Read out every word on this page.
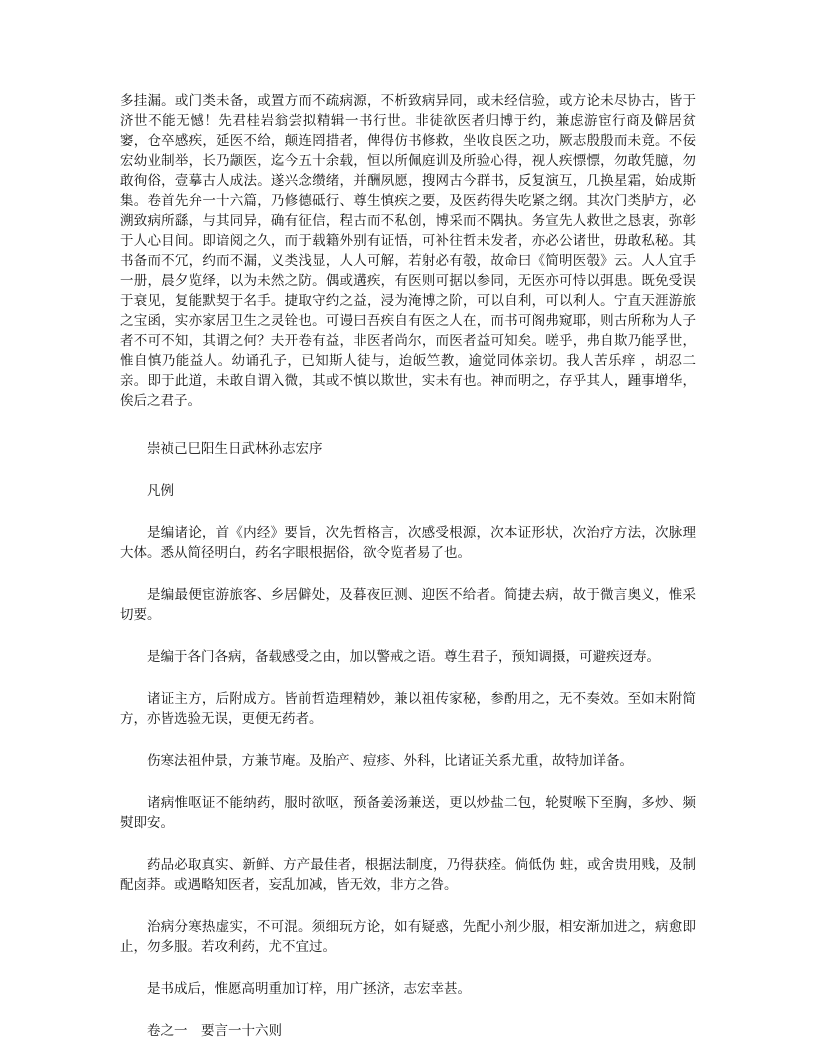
多挂漏。或门类未备，或置方而不疏病源，不析致病异同，或未经信验，或方论未尽协古，皆于济世不能无憾！先君桂岩翁尝拟精辑一书行世。非徒欲医者归博于约，兼虑游宦行商及僻居贫窭，仓卒感疾，延医不给，颠连罔措者，俾得仿书修救，坐收良医之功，厥志殷殷而未竟。不佞宏幼业制举，长乃颛医，迄今五十余载，恒以所佩庭训及所验心得，视人疾慓慓，勿敢凭臆，勿敢徇俗，壹摹古人成法。遂兴念缵绪，并酬夙愿，搜网古今群书，反复演互，几换星霜，始成斯集。卷首先弁一十六篇，乃修德砥行、尊生慎疾之要，及医药得失吃紧之纲。其次门类胪方，必溯致病所繇，与其同异，确有征信，程古而不私创，博采而不隅执。务宣先人救世之恳衷，弥彰于人心目间。即谙阅之久，而于载籍外别有证悟，可补往哲未发者，亦必公诸世，毋敢私秘。其书备而不冗，约而不漏，义类浅显，人人可解，若射必有彀，故命曰《简明医彀》云。人人宜手一册，晨夕览绎，以为未然之防。偶或遘疾，有医则可据以参同，无医亦可恃以弭患。既免受误于衰见，复能默契于名手。捷取守约之益，浸为淹博之阶，可以自利，可以利人。宁直天涯游旅之宝函，实亦家居卫生之灵铨也。可谩曰吾疾自有医之人在，而书可阁弗窥耶，则古所称为人子者不可不知，其谓之何？夫开卷有益，非医者尚尔，而医者益可知矣。嗟乎，弗自欺乃能孚世，惟自慎乃能益人。幼诵孔子，已知斯人徒与，迨皈竺教，逾觉同体亲切。我人苦乐痒 ，胡忍二亲。即于此道，未敢自谓入微，其或不慎以欺世，实未有也。神而明之，存乎其人，踵事增华，俟后之君子。

崇祯己巳阳生日武林孙志宏序

凡例

是编诸论，首《内经》要旨，次先哲格言，次感受根源，次本证形状，次治疗方法，次脉理大体。悉从简径明白，药名字眼根据俗，欲令览者易了也。

是编最便宦游旅客、乡居僻处，及暮夜叵测、迎医不给者。简捷去病，故于微言奥义，惟采切要。

是编于各门各病，备载感受之由，加以警戒之语。尊生君子，预知调摄，可避疾迓寿。

诸证主方，后附成方。皆前哲造理精妙，兼以祖传家秘，参酌用之，无不奏效。至如末附简方，亦皆选验无误，更便无药者。

伤寒法祖仲景，方兼节庵。及胎产、痘疹、外科，比诸证关系尤重，故特加详备。

诸病惟呕证不能纳药，服时欲呕，预备姜汤兼送，更以炒盐二包，轮熨喉下至胸，多炒、频熨即安。

药品必取真实、新鲜、方产最佳者，根据法制度，乃得获痊。倘低伪 蛀，或舍贵用贱，及制配卤莽。或遇略知医者，妄乱加减，皆无效，非方之咎。

治病分寒热虚实，不可混。须细玩方论，如有疑惑，先配小剂少服，相安渐加进之，病愈即止，勿多服。若攻利药，尤不宜过。

是书成后，惟愿高明重加订梓，用广拯济，志宏幸甚。

卷之一　要言一十六则
